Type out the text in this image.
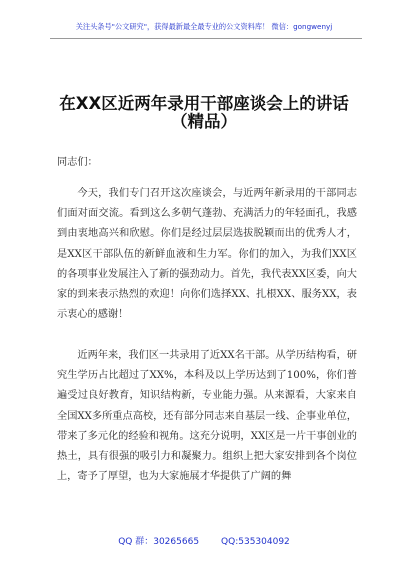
关注头条号"公文研究"，获得最新最全最专业的公文资料库！ 微信：gongwenyj
在XX区近两年录用干部座谈会上的讲话
（精品）

同志们：

今天，我们专门召开这次座谈会，与近两年新录用的干部同志们面对面交流。看到这么多朝气蓬勃、充满活力的年轻面孔，我感到由衷地高兴和欣慰。你们是经过层层选拔脱颖而出的优秀人才，是XX区干部队伍的新鲜血液和生力军。你们的加入，为我们XX区的各项事业发展注入了新的强劲动力。首先，我代表XX区委，向大家的到来表示热烈的欢迎！向你们选择XX、扎根XX、服务XX，表示衷心的感谢！

近两年来，我们区一共录用了近XX名干部。从学历结构看，研究生学历占比超过了XX%，本科及以上学历达到了100%，你们普遍受过良好教育，知识结构新，专业能力强。从来源看，大家来自全国XX多所重点高校，还有部分同志来自基层一线、企事业单位，带来了多元化的经验和视角。这充分说明，XX区是一片干事创业的热土，具有很强的吸引力和凝聚力。组织上把大家安排到各个岗位上，寄予了厚望，也为大家施展才华提供了广阔的舞

QQ 群：30265665 QQ:535304092
